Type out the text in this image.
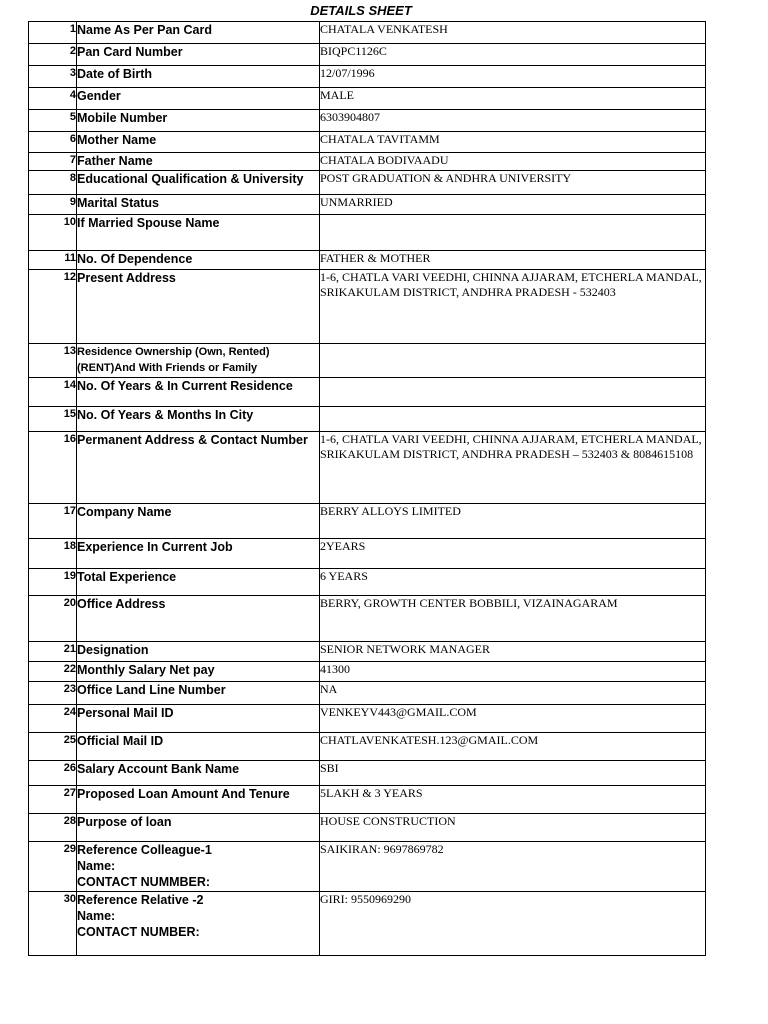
DETAILS SHEET
1	Name As Per Pan Card	CHATALA VENKATESH
2	Pan Card Number	BIQPC1126C
3	Date of Birth	12/07/1996
4	Gender	MALE
5	Mobile Number	6303904807
6	Mother Name	CHATALA TAVITAMM
7	Father Name	CHATALA BODIVAADU
8	Educational Qualification & University	POST GRADUATION & ANDHRA UNIVERSITY
9	Marital Status	UNMARRIED
10	If Married Spouse Name	
11	No. Of Dependence	FATHER & MOTHER
12	Present Address	1-6, CHATLA VARI VEEDHI, CHINNA AJJARAM, ETCHERLA MANDAL, SRIKAKULAM DISTRICT, ANDHRA PRADESH - 532403
13	Residence Ownership (Own, Rented)
(RENT)And With Friends or Family	
14	No. Of Years & In Current Residence	
15	No. Of Years & Months In City	
16	Permanent Address & Contact Number	1-6, CHATLA VARI VEEDHI, CHINNA AJJARAM, ETCHERLA MANDAL, SRIKAKULAM DISTRICT, ANDHRA PRADESH – 532403 & 8084615108
17	Company Name	BERRY ALLOYS LIMITED
18	Experience In Current Job	2YEARS
19	Total Experience	6 YEARS
20	Office Address	BERRY, GROWTH CENTER BOBBILI, VIZAINAGARAM
21	Designation	SENIOR NETWORK MANAGER
22	Monthly Salary Net pay	41300
23	Office Land Line Number	NA
24	Personal Mail ID	VENKEYV443@GMAIL.COM
25	Official Mail ID	CHATLAVENKATESH.123@GMAIL.COM
26	Salary Account Bank Name	SBI
27	Proposed Loan Amount And Tenure	5LAKH & 3 YEARS
28	Purpose of loan	HOUSE CONSTRUCTION
29	Reference Colleague-1
Name:
CONTACT NUMMBER:	SAIKIRAN: 9697869782
30	Reference Relative -2
Name:
CONTACT NUMBER:	GIRI: 9550969290
